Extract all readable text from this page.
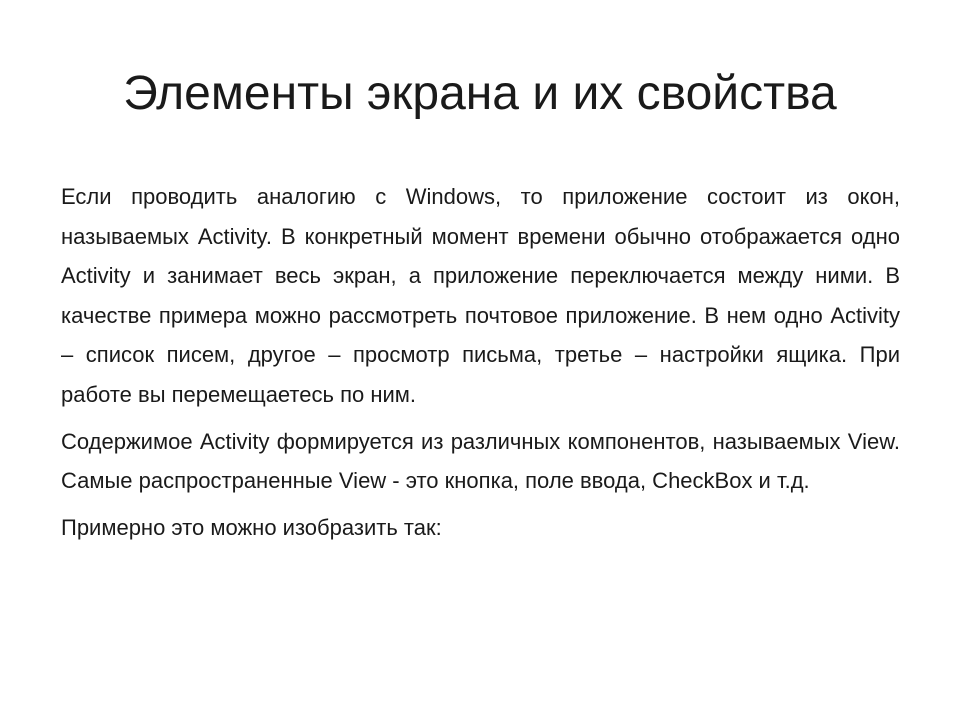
Элементы экрана и их свойства

Если проводить аналогию с Windows, то приложение состоит из окон, называемых Activity. В конкретный момент времени обычно отображается одно Activity и занимает весь экран, а приложение переключается между ними. В качестве примера можно рассмотреть почтовое приложение. В нем одно Activity – список писем, другое – просмотр письма, третье – настройки ящика. При работе вы перемещаетесь по ним.

Содержимое Activity формируется из различных компонентов, называемых View. Самые распространенные View - это кнопка, поле ввода, CheckBox и т.д.

Примерно это можно изобразить так:
